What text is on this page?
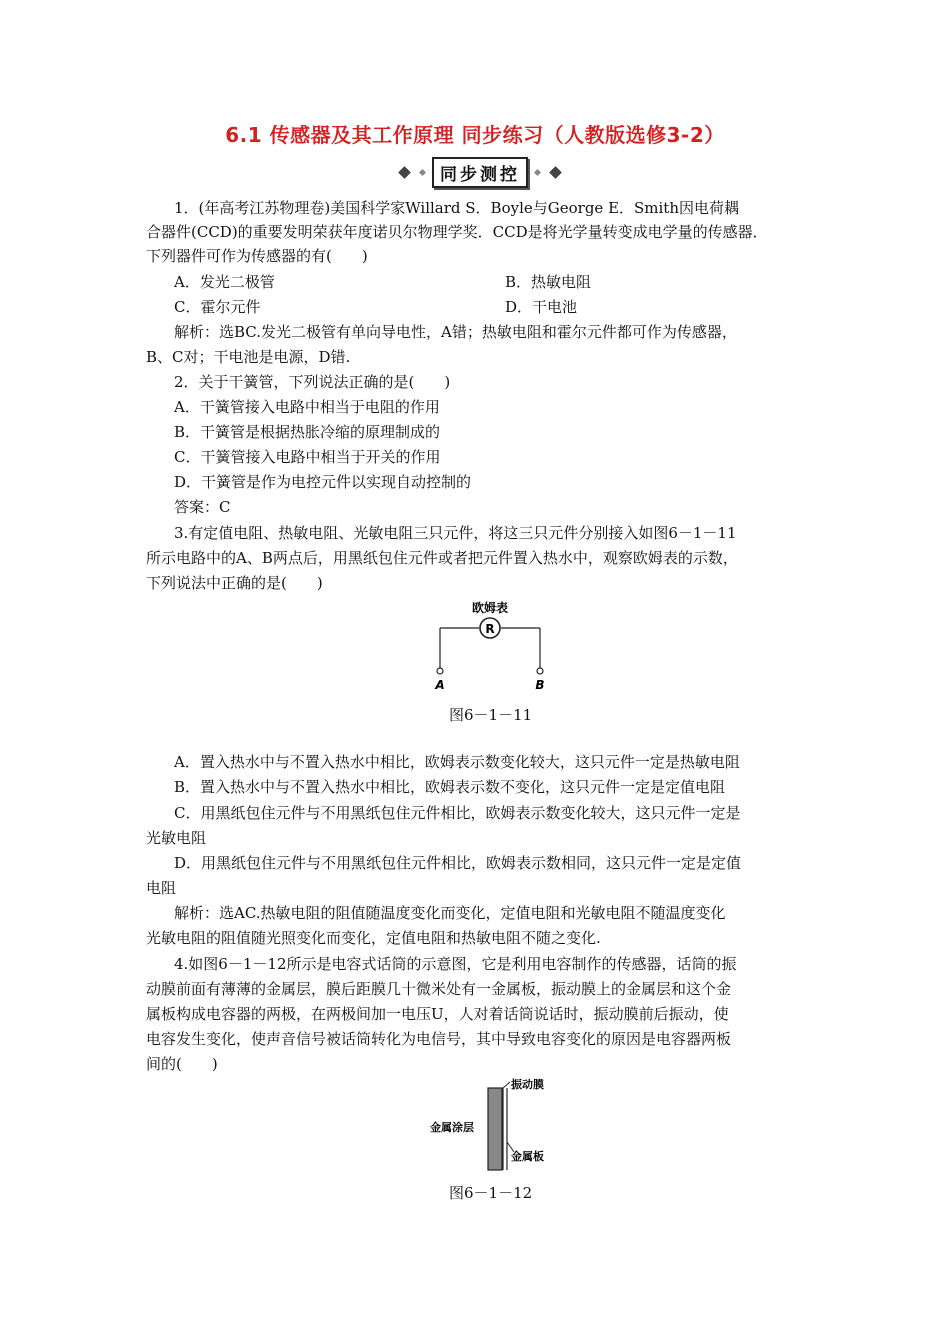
6.1 传感器及其工作原理 同步练习（人教版选修3-2）
同步测控
1．(年高考江苏物理卷)美国科学家Willard S．Boyle与George E．Smith因电荷耦
合器件(CCD)的重要发明荣获年度诺贝尔物理学奖．CCD是将光学量转变成电学量的传感器．
下列器件可作为传感器的有(　　)
A．发光二极管	B．热敏电阻
C．霍尔元件	D．干电池
解析：选BC.发光二极管有单向导电性，A错；热敏电阻和霍尔元件都可作为传感器，
B、C对；干电池是电源，D错.
2．关于干簧管，下列说法正确的是(　　)
A．干簧管接入电路中相当于电阻的作用
B．干簧管是根据热胀冷缩的原理制成的
C．干簧管接入电路中相当于开关的作用
D．干簧管是作为电控元件以实现自动控制的
答案：C
3.有定值电阻、热敏电阻、光敏电阻三只元件，将这三只元件分别接入如图6－1－11
所示电路中的A、B两点后，用黑纸包住元件或者把元件置入热水中，观察欧姆表的示数，
下列说法中正确的是(　　)
欧姆表
R
A	B
图6－1－11
A．置入热水中与不置入热水中相比，欧姆表示数变化较大，这只元件一定是热敏电阻
B．置入热水中与不置入热水中相比，欧姆表示数不变化，这只元件一定是定值电阻
C．用黑纸包住元件与不用黑纸包住元件相比，欧姆表示数变化较大，这只元件一定是
光敏电阻
D．用黑纸包住元件与不用黑纸包住元件相比，欧姆表示数相同，这只元件一定是定值
电阻
解析：选AC.热敏电阻的阻值随温度变化而变化，定值电阻和光敏电阻不随温度变化
光敏电阻的阻值随光照变化而变化，定值电阻和热敏电阻不随之变化.
4.如图6－1－12所示是电容式话筒的示意图，它是利用电容制作的传感器，话筒的振
动膜前面有薄薄的金属层，膜后距膜几十微米处有一金属板，振动膜上的金属层和这个金
属板构成电容器的两极，在两极间加一电压U，人对着话筒说话时，振动膜前后振动，使
电容发生变化，使声音信号被话筒转化为电信号，其中导致电容变化的原因是电容器两板
间的(　　)
振动膜
金属涂层
金属板
图6－1－12
